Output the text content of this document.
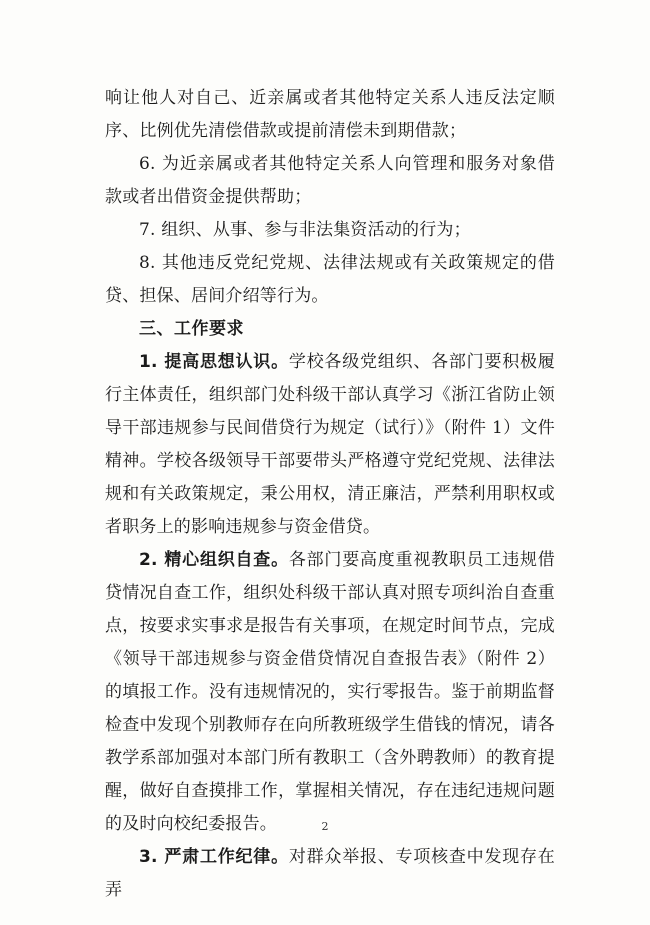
响让他人对自己、近亲属或者其他特定关系人违反法定顺序、比例优先清偿借款或提前清偿未到期借款；

6. 为近亲属或者其他特定关系人向管理和服务对象借款或者出借资金提供帮助；

7. 组织、从事、参与非法集资活动的行为；

8. 其他违反党纪党规、法律法规或有关政策规定的借贷、担保、居间介绍等行为。

三、工作要求

1. 提高思想认识。学校各级党组织、各部门要积极履行主体责任，组织部门处科级干部认真学习《浙江省防止领导干部违规参与民间借贷行为规定（试行）》（附件 1）文件精神。学校各级领导干部要带头严格遵守党纪党规、法律法规和有关政策规定，秉公用权，清正廉洁，严禁利用职权或者职务上的影响违规参与资金借贷。

2. 精心组织自查。各部门要高度重视教职员工违规借贷情况自查工作，组织处科级干部认真对照专项纠治自查重点，按要求实事求是报告有关事项，在规定时间节点，完成《领导干部违规参与资金借贷情况自查报告表》（附件 2）的填报工作。没有违规情况的，实行零报告。鉴于前期监督检查中发现个别教师存在向所教班级学生借钱的情况，请各教学系部加强对本部门所有教职工（含外聘教师）的教育提醒，做好自查摸排工作，掌握相关情况，存在违纪违规问题的及时向校纪委报告。

3. 严肃工作纪律。对群众举报、专项核查中发现存在弄

2
